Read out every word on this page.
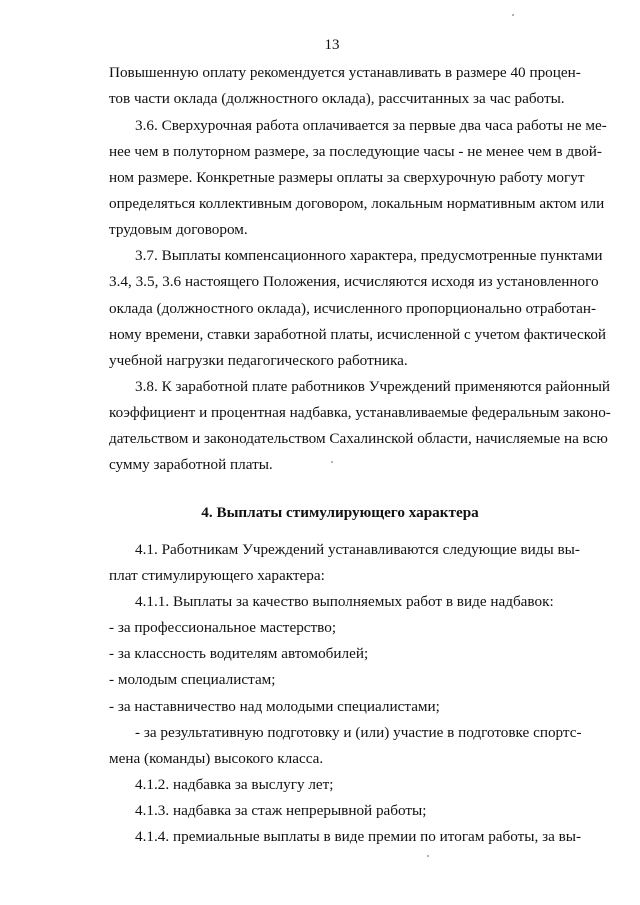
13
Повышенную оплату рекомендуется устанавливать в размере 40 процен-
тов части оклада (должностного оклада), рассчитанных за час работы.
3.6. Сверхурочная работа оплачивается за первые два часа работы не ме-
нее чем в полуторном размере, за последующие часы - не менее чем в двой-
ном размере. Конкретные размеры оплаты за сверхурочную работу могут
определяться коллективным договором, локальным нормативным актом или
трудовым договором.
3.7. Выплаты компенсационного характера, предусмотренные пунктами
3.4, 3.5, 3.6 настоящего Положения, исчисляются исходя из установленного
оклада (должностного оклада), исчисленного пропорционально отработан-
ному времени, ставки заработной платы, исчисленной с учетом фактической
учебной нагрузки педагогического работника.
3.8. К заработной плате работников Учреждений применяются районный
коэффициент и процентная надбавка, устанавливаемые федеральным законо-
дательством и законодательством Сахалинской области, начисляемые на всю
сумму заработной платы.
4. Выплаты стимулирующего характера
4.1. Работникам Учреждений устанавливаются следующие виды вы-
плат стимулирующего характера:
4.1.1. Выплаты за качество выполняемых работ в виде надбавок:
- за профессиональное мастерство;
- за классность водителям автомобилей;
- молодым специалистам;
- за наставничество над молодыми специалистами;
- за результативную подготовку и (или) участие в подготовке спортс-
мена (команды) высокого класса.
4.1.2. надбавка за выслугу лет;
4.1.3. надбавка за стаж непрерывной работы;
4.1.4. премиальные выплаты в виде премии по итогам работы, за вы-
